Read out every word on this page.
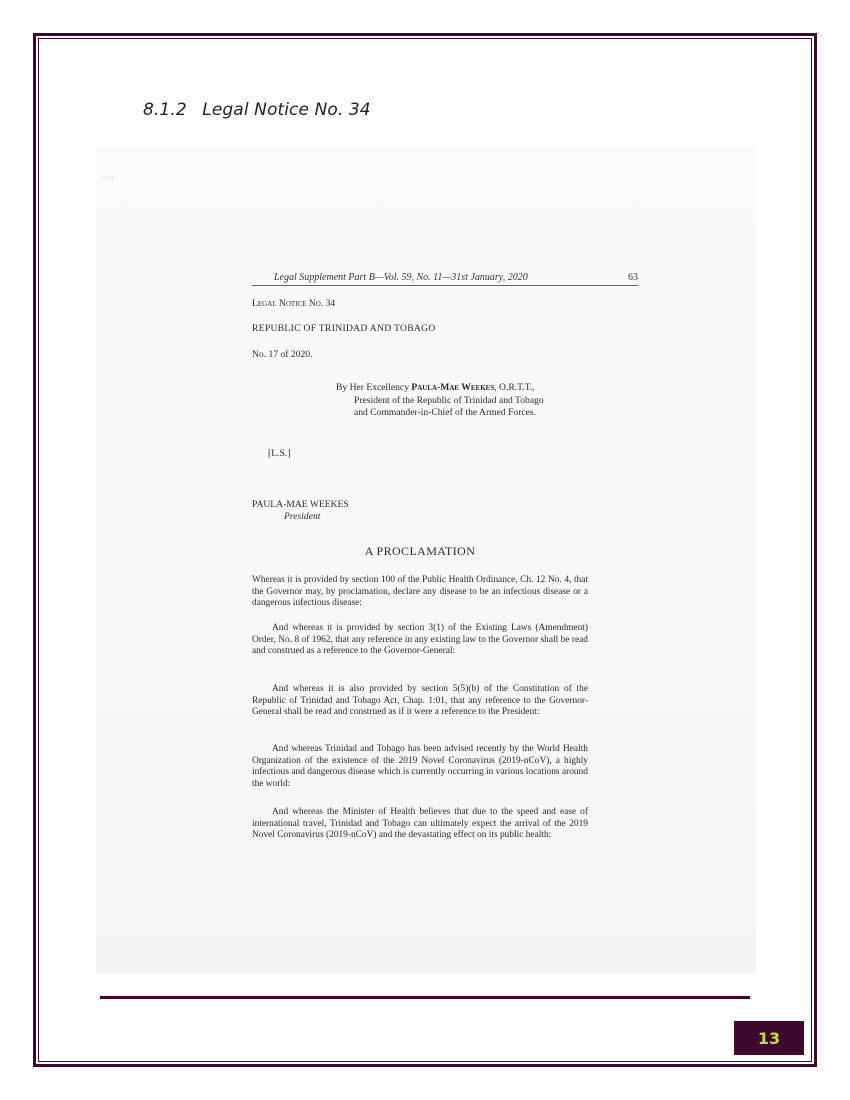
8.1.2 Legal Notice No. 34
··· ·:
Legal Supplement Part B—Vol. 59, No. 11—31st January, 2020	63
Legal Notice No. 34
REPUBLIC OF TRINIDAD AND TOBAGO
No. 17 of 2020.
By Her Excellency Paula-Mae Weekes, O.R.T.T.,
President of the Republic of Trinidad and Tobago
and Commander-in-Chief of the Armed Forces.
[L.S.]
PAULA-MAE WEEKES
President
A PROCLAMATION
Whereas it is provided by section 100 of the Public Health Ordinance, Ch. 12 No. 4, that the Governor may, by proclamation, declare any disease to be an infectious disease or a dangerous infectious disease:
And whereas it is provided by section 3(1) of the Existing Laws (Amendment) Order, No. 8 of 1962, that any reference in any existing law to the Governor shall be read and construed as a reference to the Governor-General:
And whereas it is also provided by section 5(5)(b) of the Constitution of the Republic of Trinidad and Tobago Act, Chap. 1:01, that any reference to the Governor-General shall be read and construed as if it were a reference to the President:
And whereas Trinidad and Tobago has been advised recently by the World Health Organization of the existence of the 2019 Novel Coronavirus (2019-nCoV), a highly infectious and dangerous disease which is currently occurring in various locations around the world:
And whereas the Minister of Health believes that due to the speed and ease of international travel, Trinidad and Tobago can ultimately expect the arrival of the 2019 Novel Coronavirus (2019-nCoV) and the devastating effect on its public health:
13
